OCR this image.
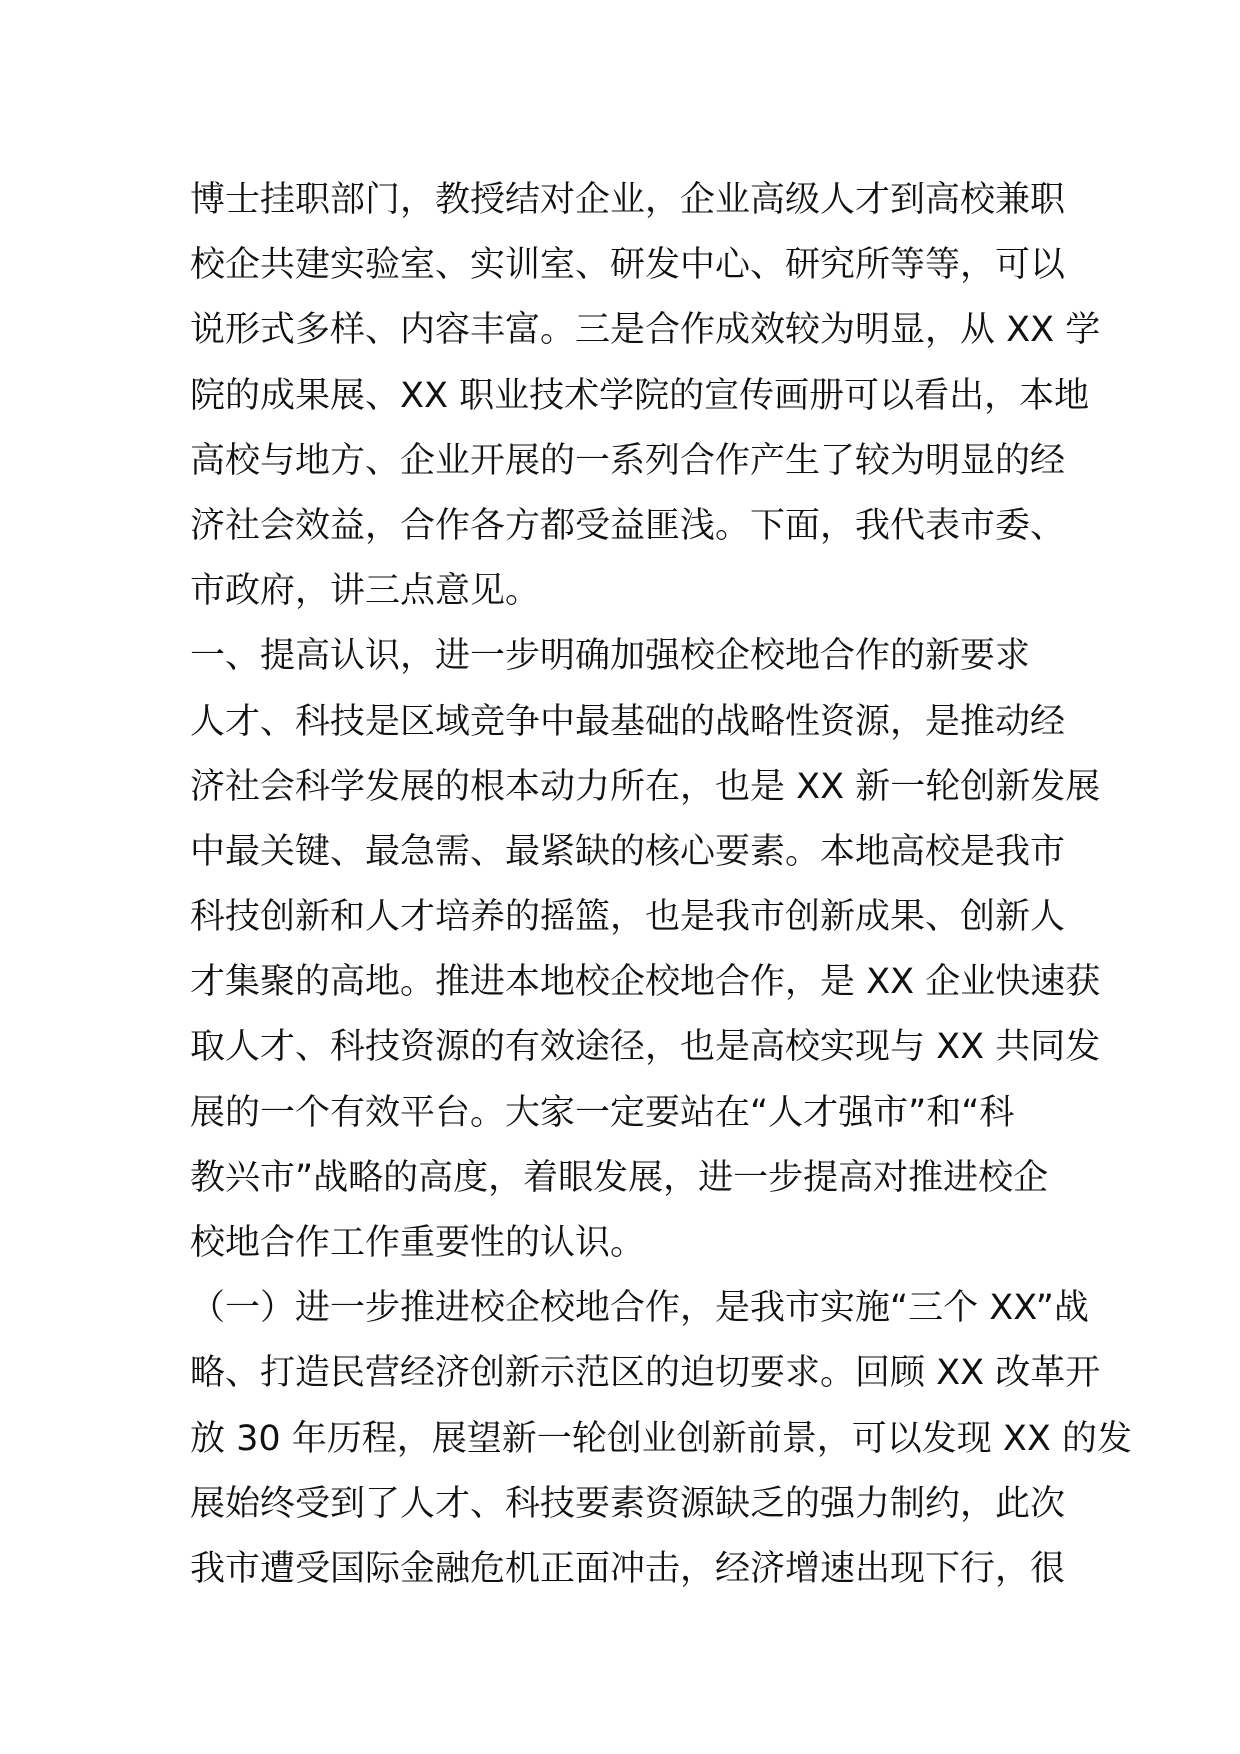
博士挂职部门，教授结对企业，企业高级人才到高校兼职
校企共建实验室、实训室、研发中心、研究所等等，可以
说形式多样、内容丰富。三是合作成效较为明显，从 XX 学
院的成果展、XX 职业技术学院的宣传画册可以看出，本地
高校与地方、企业开展的一系列合作产生了较为明显的经
济社会效益，合作各方都受益匪浅。下面，我代表市委、
市政府，讲三点意见。
一、提高认识，进一步明确加强校企校地合作的新要求
人才、科技是区域竞争中最基础的战略性资源，是推动经
济社会科学发展的根本动力所在，也是 XX 新一轮创新发展
中最关键、最急需、最紧缺的核心要素。本地高校是我市
科技创新和人才培养的摇篮，也是我市创新成果、创新人
才集聚的高地。推进本地校企校地合作，是 XX 企业快速获
取人才、科技资源的有效途径，也是高校实现与 XX 共同发
展的一个有效平台。大家一定要站在“人才强市”和“科
教兴市”战略的高度，着眼发展，进一步提高对推进校企
校地合作工作重要性的认识。
（一）进一步推进校企校地合作，是我市实施“三个 XX”战
略、打造民营经济创新示范区的迫切要求。回顾 XX 改革开
放 30 年历程，展望新一轮创业创新前景，可以发现 XX 的发
展始终受到了人才、科技要素资源缺乏的强力制约，此次
我市遭受国际金融危机正面冲击，经济增速出现下行，很
